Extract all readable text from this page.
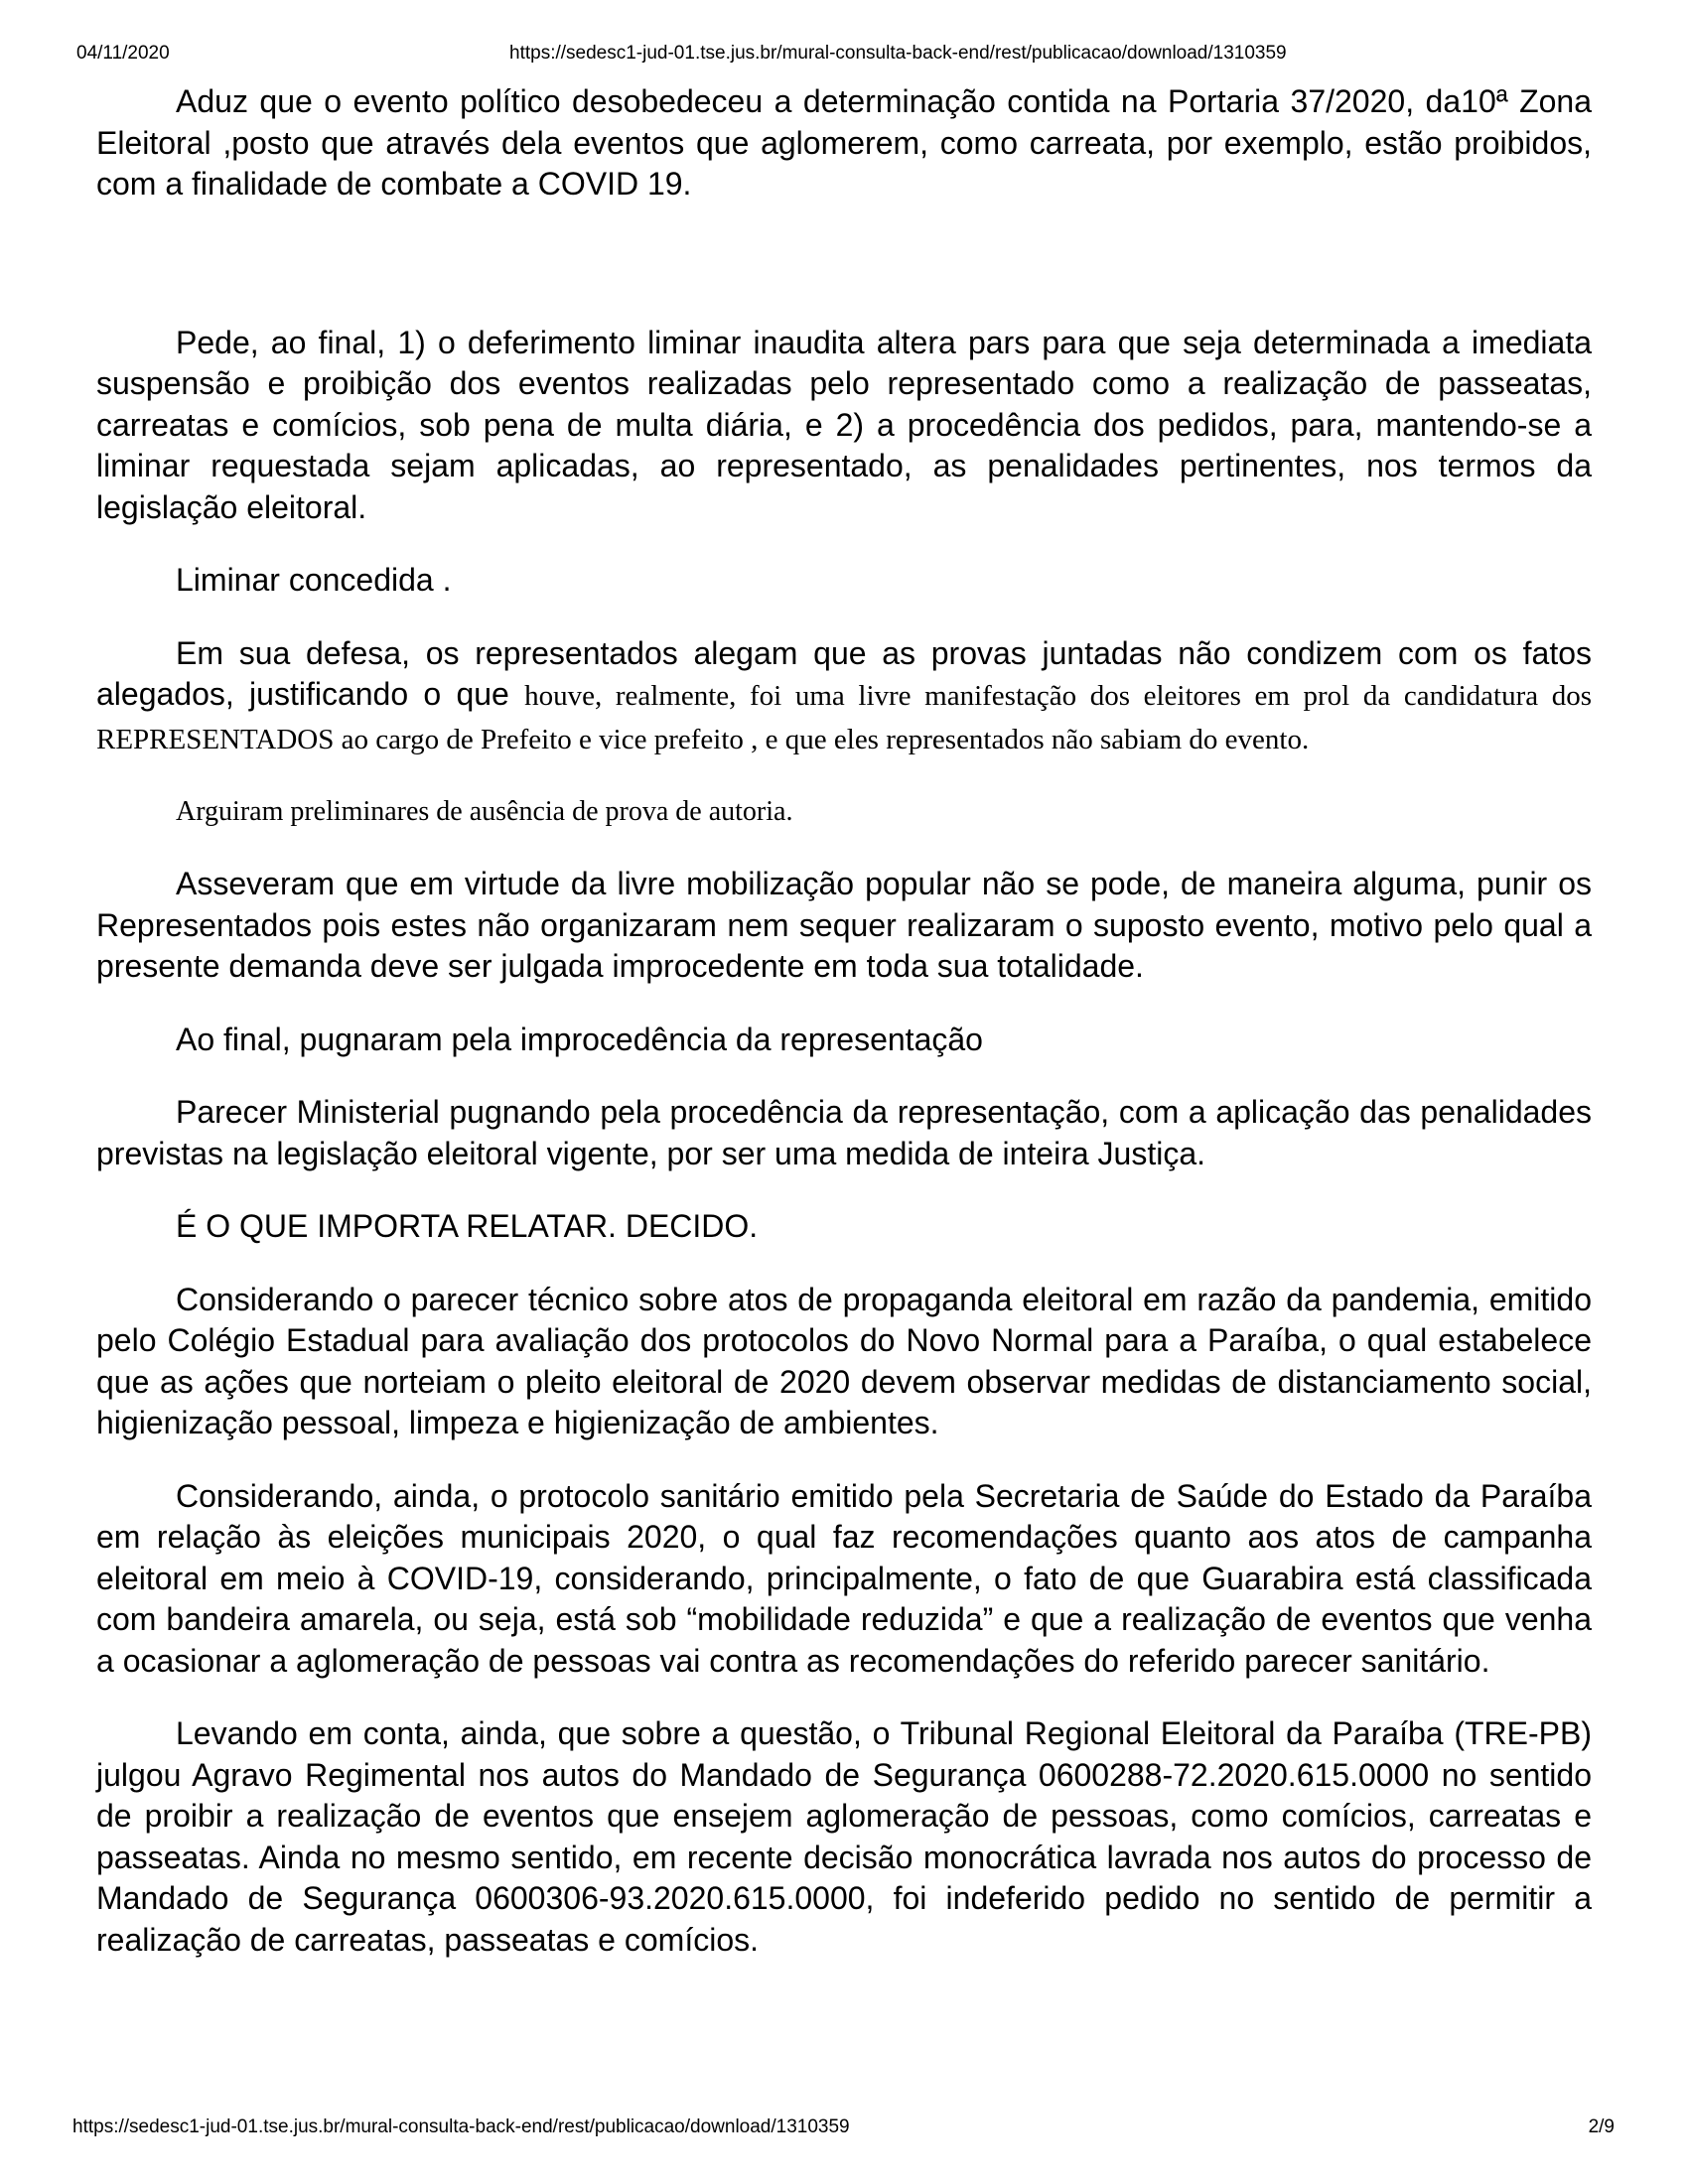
04/11/2020	https://sedesc1-jud-01.tse.jus.br/mural-consulta-back-end/rest/publicacao/download/1310359

Aduz que o evento político desobedeceu a determinação contida na Portaria 37/2020, da10ª Zona Eleitoral ,posto que através dela eventos que aglomerem, como carreata, por exemplo, estão proibidos, com a finalidade de combate a COVID 19.

Pede, ao final, 1) o deferimento liminar inaudita altera pars para que seja determinada a imediata suspensão e proibição dos eventos realizadas pelo representado como a realização de passeatas, carreatas e comícios, sob pena de multa diária, e 2) a procedência dos pedidos, para, mantendo-se a liminar requestada sejam aplicadas, ao representado, as penalidades pertinentes, nos termos da legislação eleitoral.

Liminar concedida .

Em sua defesa, os representados alegam que as provas juntadas não condizem com os fatos alegados, justificando o que houve, realmente, foi uma livre manifestação dos eleitores em prol da candidatura dos REPRESENTADOS ao cargo de Prefeito e vice prefeito , e que eles representados não sabiam do evento.

Arguiram preliminares de ausência de prova de autoria.

Asseveram que em virtude da livre mobilização popular não se pode, de maneira alguma, punir os Representados pois estes não organizaram nem sequer realizaram o suposto evento, motivo pelo qual a presente demanda deve ser julgada improcedente em toda sua totalidade.

Ao final, pugnaram pela improcedência da representação

Parecer Ministerial pugnando pela procedência da representação, com a aplicação das penalidades previstas na legislação eleitoral vigente, por ser uma medida de inteira Justiça.

É O QUE IMPORTA RELATAR. DECIDO.

Considerando o parecer técnico sobre atos de propaganda eleitoral em razão da pandemia, emitido pelo Colégio Estadual para avaliação dos protocolos do Novo Normal para a Paraíba, o qual estabelece que as ações que norteiam o pleito eleitoral de 2020 devem observar medidas de distanciamento social, higienização pessoal, limpeza e higienização de ambientes.

Considerando, ainda, o protocolo sanitário emitido pela Secretaria de Saúde do Estado da Paraíba em relação às eleições municipais 2020, o qual faz recomendações quanto aos atos de campanha eleitoral em meio à COVID-19, considerando, principalmente, o fato de que Guarabira está classificada com bandeira amarela, ou seja, está sob “mobilidade reduzida” e que a realização de eventos que venha a ocasionar a aglomeração de pessoas vai contra as recomendações do referido parecer sanitário.

Levando em conta, ainda, que sobre a questão, o Tribunal Regional Eleitoral da Paraíba (TRE-PB) julgou Agravo Regimental nos autos do Mandado de Segurança 0600288-72.2020.615.0000 no sentido de proibir a realização de eventos que ensejem aglomeração de pessoas, como comícios, carreatas e passeatas. Ainda no mesmo sentido, em recente decisão monocrática lavrada nos autos do processo de Mandado de Segurança 0600306-93.2020.615.0000, foi indeferido pedido no sentido de permitir a realização de carreatas, passeatas e comícios.

https://sedesc1-jud-01.tse.jus.br/mural-consulta-back-end/rest/publicacao/download/1310359	2/9
